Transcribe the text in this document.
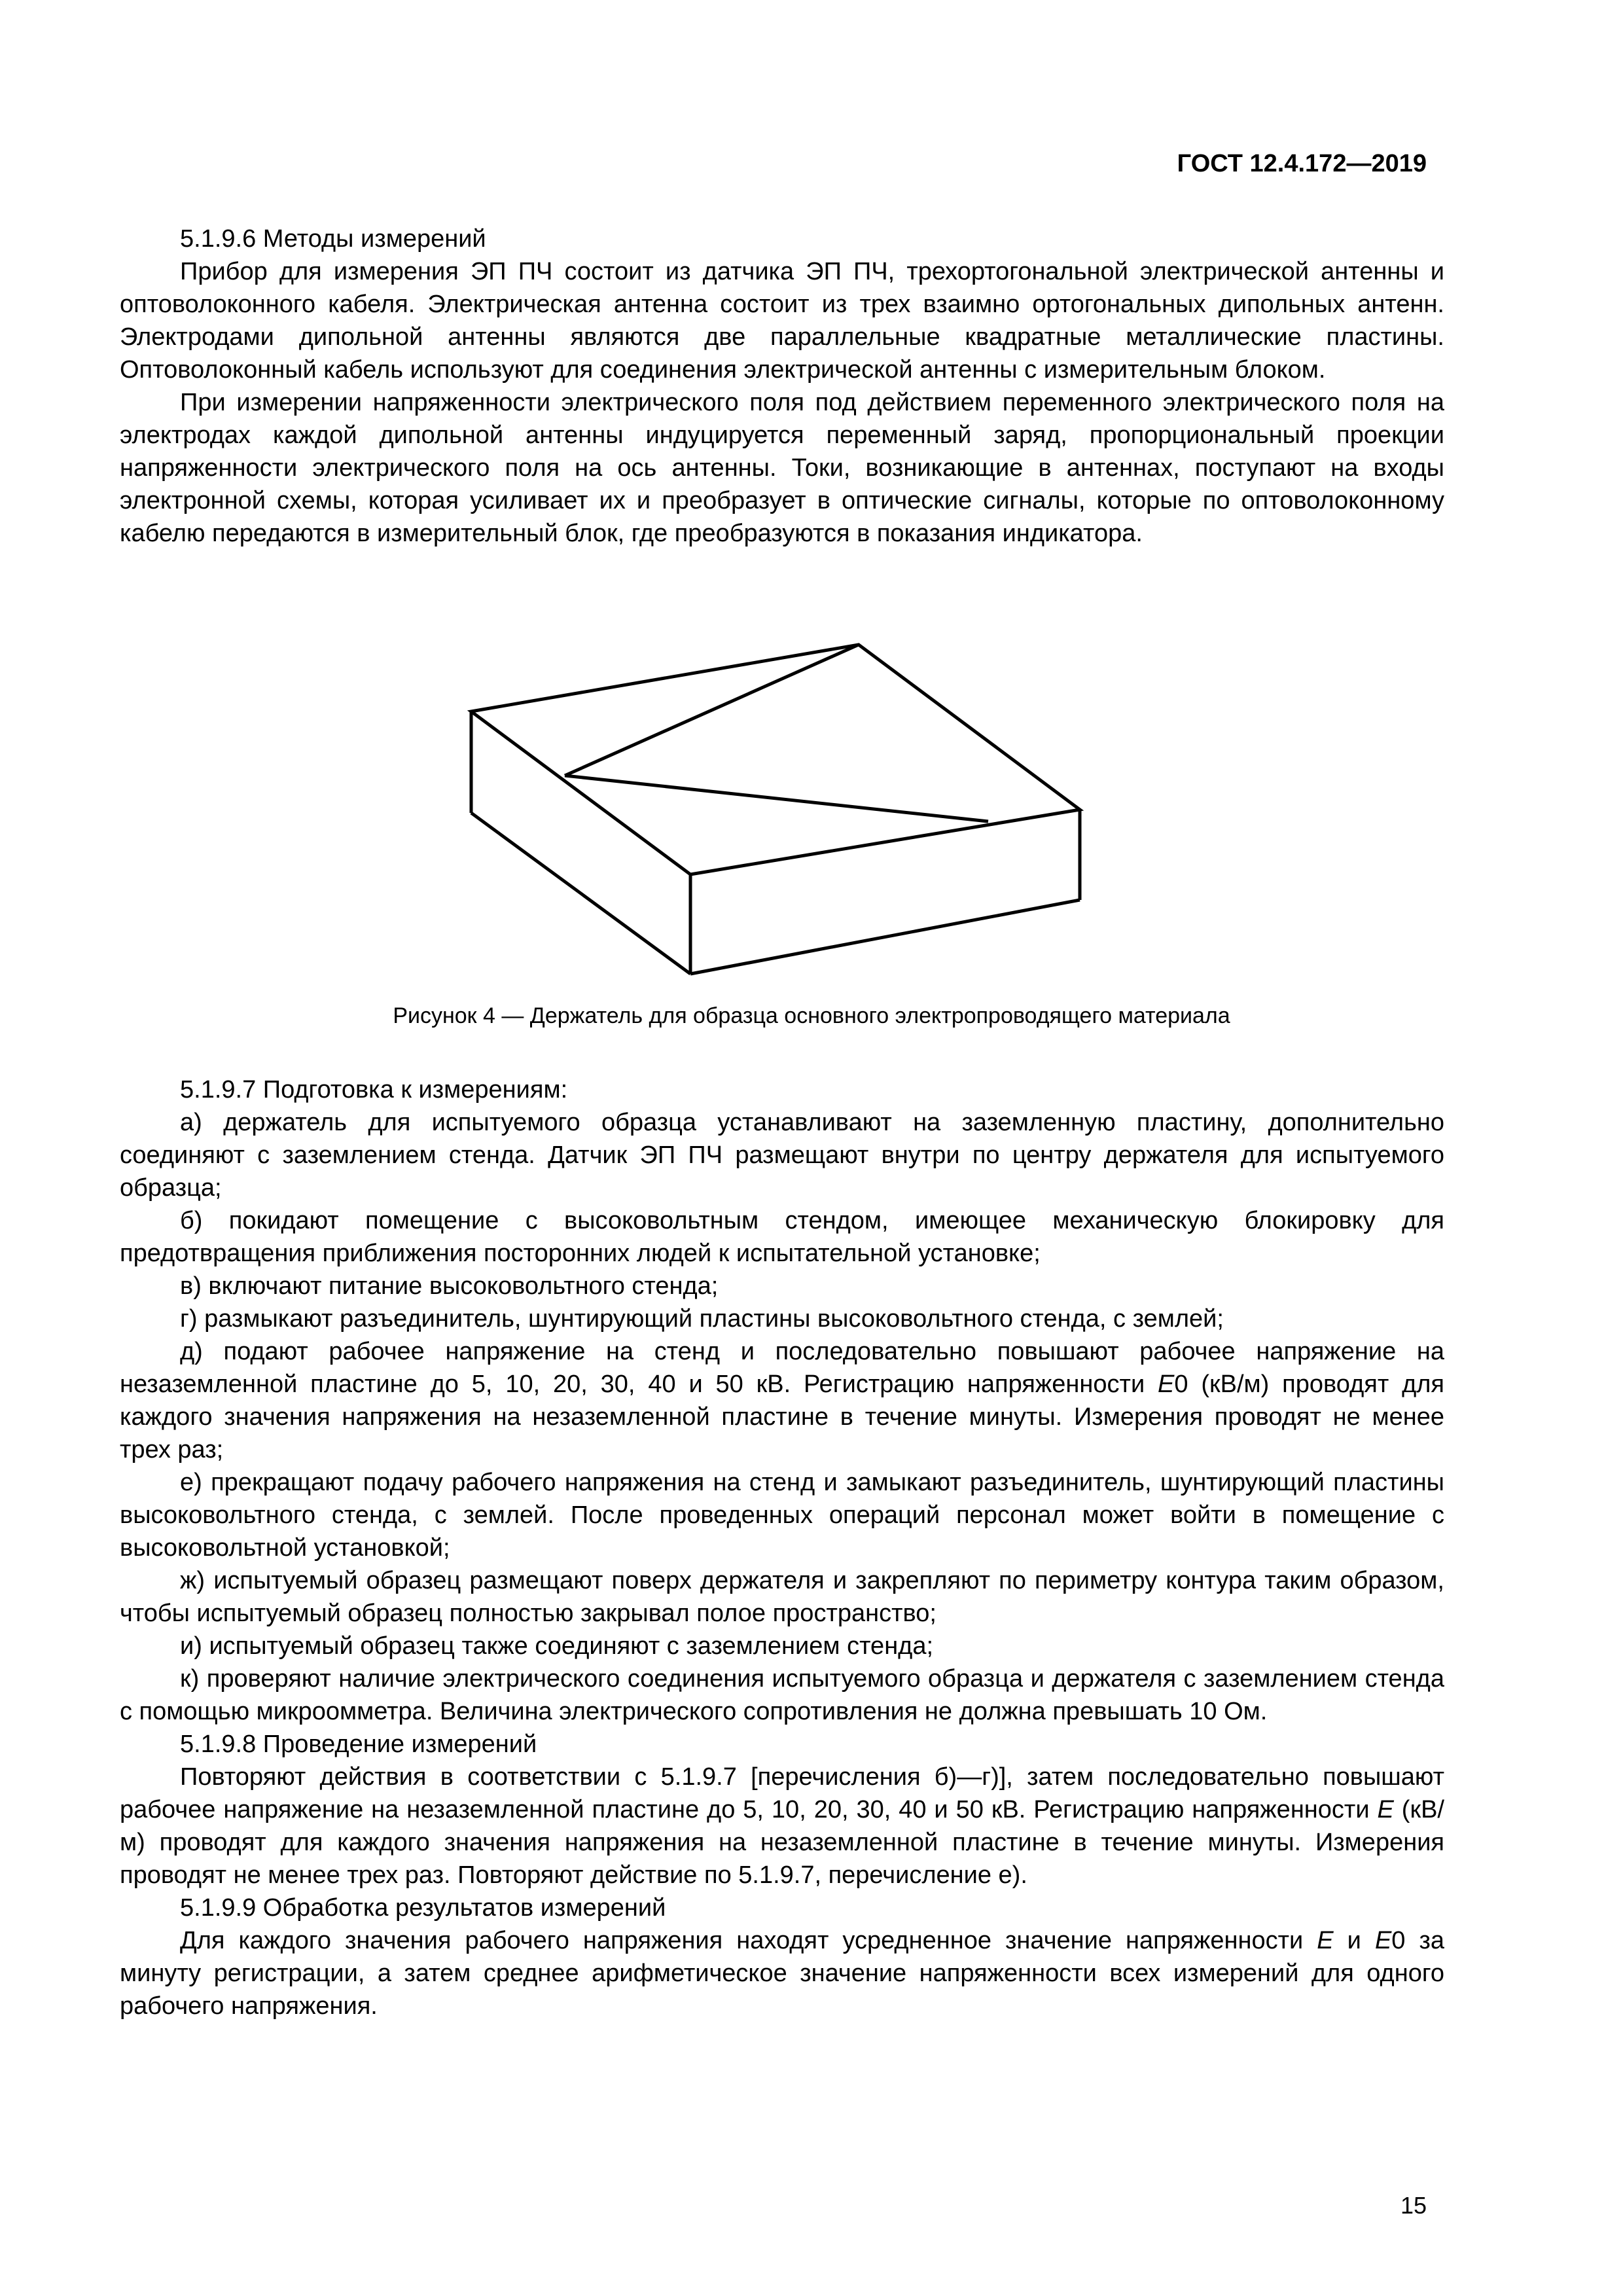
ГОСТ 12.4.172—2019

5.1.9.6 Методы измерений

Прибор для измерения ЭП ПЧ состоит из датчика ЭП ПЧ, трехортогональной электрической антенны и оптоволоконного кабеля. Электрическая антенна состоит из трех взаимно ортогональных дипольных антенн. Электродами дипольной антенны являются две параллельные квадратные металлические пластины. Оптоволоконный кабель используют для соединения электрической антенны с измерительным блоком.

При измерении напряженности электрического поля под действием переменного электрического поля на электродах каждой дипольной антенны индуцируется переменный заряд, пропорциональный проекции напряженности электрического поля на ось антенны. Токи, возникающие в антеннах, поступают на входы электронной схемы, которая усиливает их и преобразует в оптические сигналы, которые по оптоволоконному кабелю передаются в измерительный блок, где преобразуются в показания индикатора.

Рисунок 4 — Держатель для образца основного электропроводящего материала

5.1.9.7 Подготовка к измерениям:

а) держатель для испытуемого образца устанавливают на заземленную пластину, дополнительно соединяют с заземлением стенда. Датчик ЭП ПЧ размещают внутри по центру держателя для испытуемого образца;

б) покидают помещение с высоковольтным стендом, имеющее механическую блокировку для предотвращения приближения посторонних людей к испытательной установке;

в) включают питание высоковольтного стенда;

г) размыкают разъединитель, шунтирующий пластины высоковольтного стенда, с землей;

д) подают рабочее напряжение на стенд и последовательно повышают рабочее напряжение на незаземленной пластине до 5, 10, 20, 30, 40 и 50 кВ. Регистрацию напряженности E0 (кВ/м) проводят для каждого значения напряжения на незаземленной пластине в течение минуты. Измерения проводят не менее трех раз;

е) прекращают подачу рабочего напряжения на стенд и замыкают разъединитель, шунтирующий пластины высоковольтного стенда, с землей. После проведенных операций персонал может войти в помещение с высоковольтной установкой;

ж) испытуемый образец размещают поверх держателя и закрепляют по периметру контура таким образом, чтобы испытуемый образец полностью закрывал полое пространство;

и) испытуемый образец также соединяют с заземлением стенда;

к) проверяют наличие электрического соединения испытуемого образца и держателя с заземлением стенда с помощью микроомметра. Величина электрического сопротивления не должна превышать 10 Ом.

5.1.9.8 Проведение измерений

Повторяют действия в соответствии с 5.1.9.7 [перечисления б)—г)], затем последовательно повышают рабочее напряжение на незаземленной пластине до 5, 10, 20, 30, 40 и 50 кВ. Регистрацию напряженности E (кВ/м) проводят для каждого значения напряжения на незаземленной пластине в течение минуты. Измерения проводят не менее трех раз. Повторяют действие по 5.1.9.7, перечисление е).

5.1.9.9 Обработка результатов измерений

Для каждого значения рабочего напряжения находят усредненное значение напряженности E и E0 за минуту регистрации, а затем среднее арифметическое значение напряженности всех измерений для одного рабочего напряжения.

15
